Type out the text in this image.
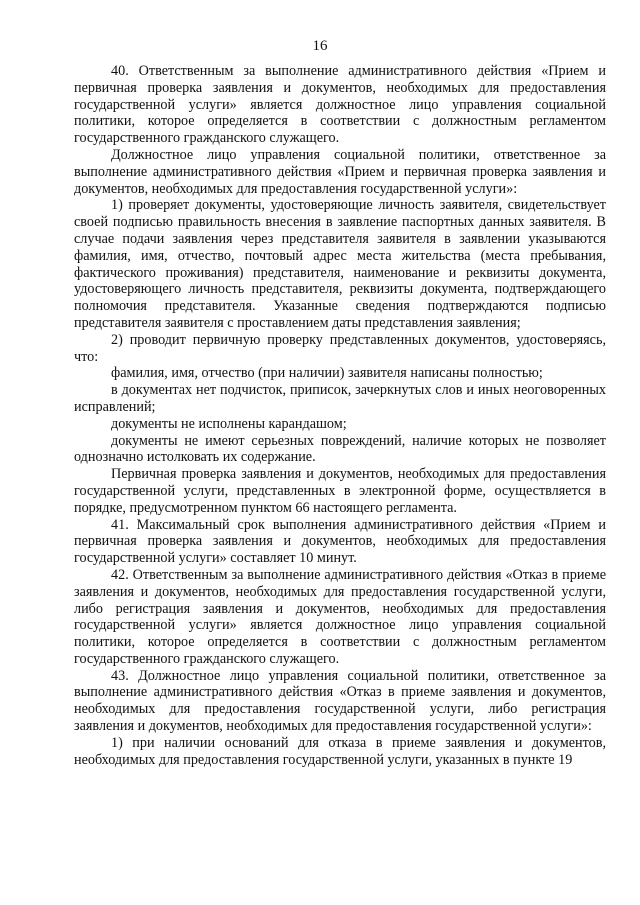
16

40. Ответственным за выполнение административного действия «Прием и первичная проверка заявления и документов, необходимых для предоставления государственной услуги» является должностное лицо управления социальной политики, которое определяется в соответствии с должностным регламентом государственного гражданского служащего.

Должностное лицо управления социальной политики, ответственное за выполнение административного действия «Прием и первичная проверка заявления и документов, необходимых для предоставления государственной услуги»:

1) проверяет документы, удостоверяющие личность заявителя, свидетельствует своей подписью правильность внесения в заявление паспортных данных заявителя. В случае подачи заявления через представителя заявителя в заявлении указываются фамилия, имя, отчество, почтовый адрес места жительства (места пребывания, фактического проживания) представителя, наименование и реквизиты документа, удостоверяющего личность представителя, реквизиты документа, подтверждающего полномочия представителя. Указанные сведения подтверждаются подписью представителя заявителя с проставлением даты представления заявления;

2) проводит первичную проверку представленных документов, удостоверяясь, что:

фамилия, имя, отчество (при наличии) заявителя написаны полностью;

в документах нет подчисток, приписок, зачеркнутых слов и иных неоговоренных исправлений;

документы не исполнены карандашом;

документы не имеют серьезных повреждений, наличие которых не позволяет однозначно истолковать их содержание.

Первичная проверка заявления и документов, необходимых для предоставления государственной услуги, представленных в электронной форме, осуществляется в порядке, предусмотренном пунктом 66 настоящего регламента.

41. Максимальный срок выполнения административного действия «Прием и первичная проверка заявления и документов, необходимых для предоставления государственной услуги» составляет 10 минут.

42. Ответственным за выполнение административного действия «Отказ в приеме заявления и документов, необходимых для предоставления государственной услуги, либо регистрация заявления и документов, необходимых для предоставления государственной услуги» является должностное лицо управления социальной политики, которое определяется в соответствии с должностным регламентом государственного гражданского служащего.

43. Должностное лицо управления социальной политики, ответственное за выполнение административного действия «Отказ в приеме заявления и документов, необходимых для предоставления государственной услуги, либо регистрация заявления и документов, необходимых для предоставления государственной услуги»:

1) при наличии оснований для отказа в приеме заявления и документов, необходимых для предоставления государственной услуги, указанных в пункте 19
